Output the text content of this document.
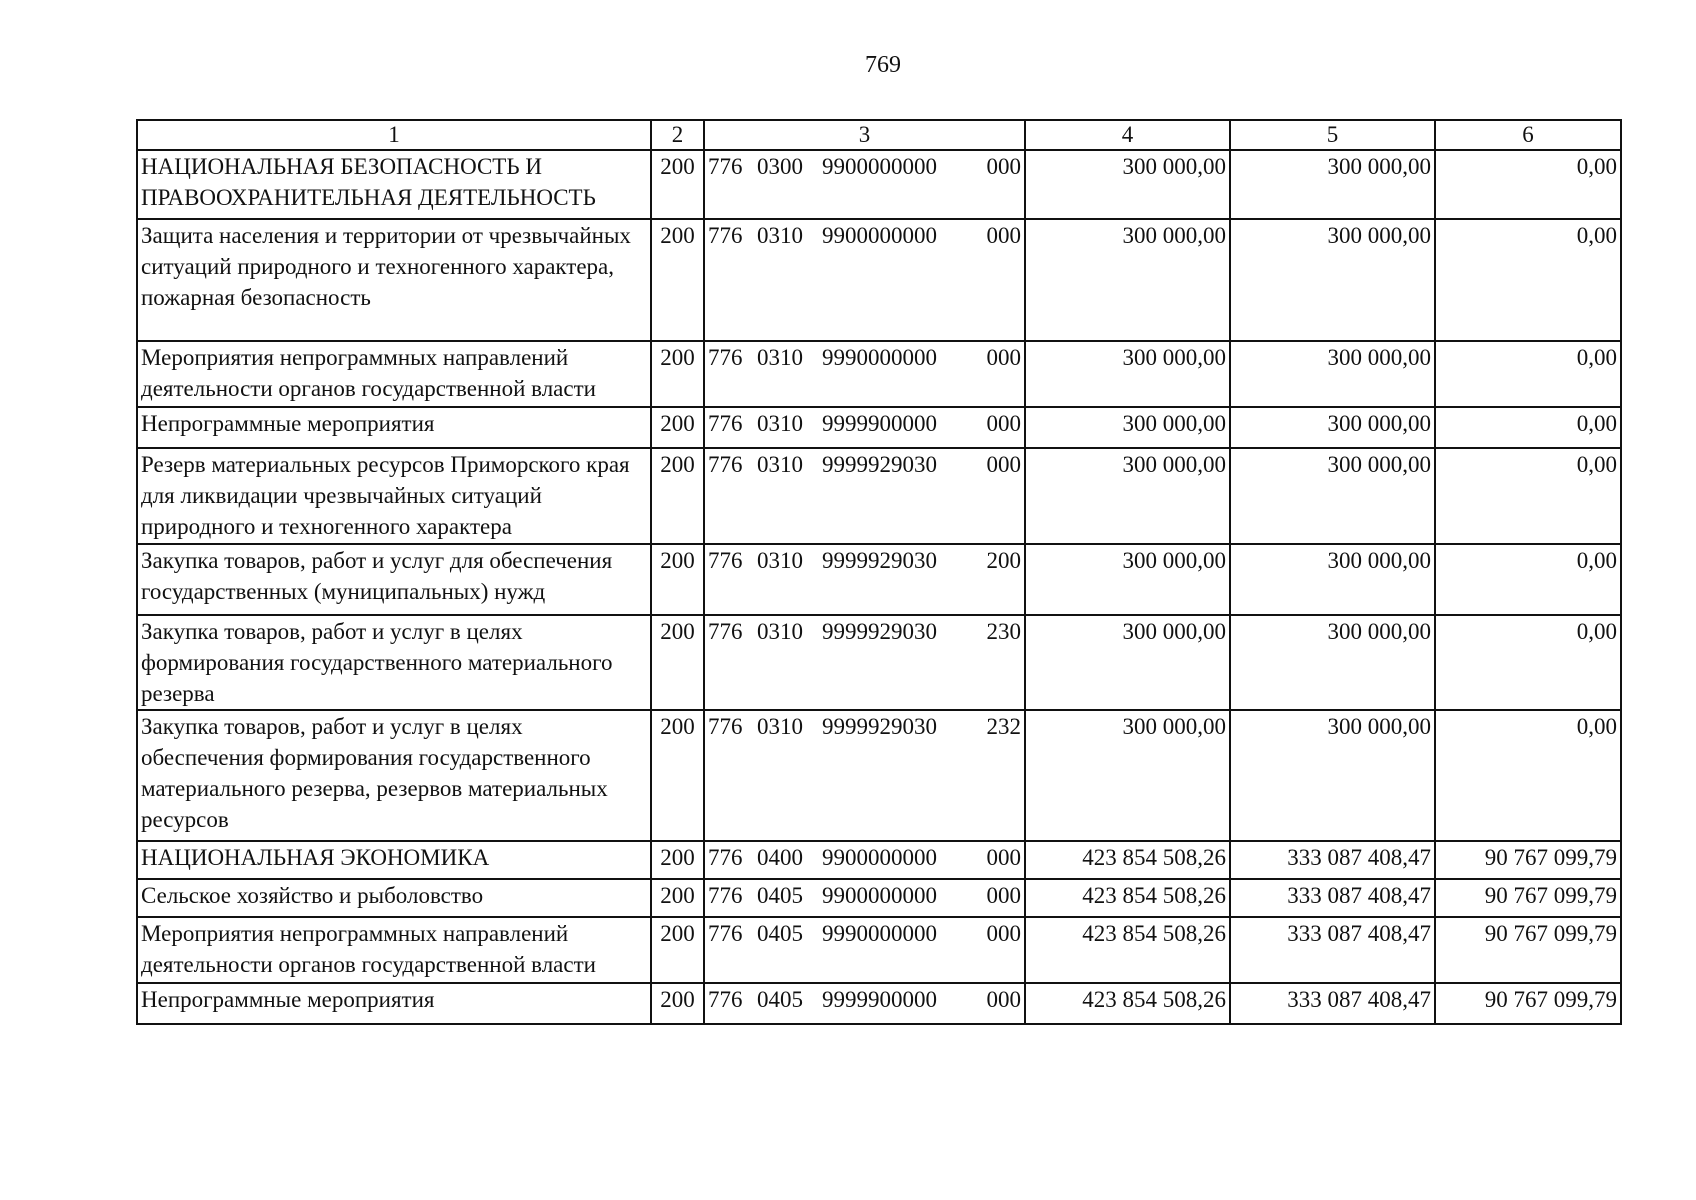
769
1	2	3	4	5	6
НАЦИОНАЛЬНАЯ БЕЗОПАСНОСТЬ И ПРАВООХРАНИТЕЛЬНАЯ ДЕЯТЕЛЬНОСТЬ	200	776 0300 9900000000 000	300 000,00	300 000,00	0,00
Защита населения и территории от чрезвычайных ситуаций природного и техногенного характера, пожарная безопасность	200	776 0310 9900000000 000	300 000,00	300 000,00	0,00
Мероприятия непрограммных направлений деятельности органов государственной власти	200	776 0310 9990000000 000	300 000,00	300 000,00	0,00
Непрограммные мероприятия	200	776 0310 9999900000 000	300 000,00	300 000,00	0,00
Резерв материальных ресурсов Приморского края для ликвидации чрезвычайных ситуаций природного и техногенного характера	200	776 0310 9999929030 000	300 000,00	300 000,00	0,00
Закупка товаров, работ и услуг для обеспечения государственных (муниципальных) нужд	200	776 0310 9999929030 200	300 000,00	300 000,00	0,00
Закупка товаров, работ и услуг в целях формирования государственного материального резерва	200	776 0310 9999929030 230	300 000,00	300 000,00	0,00
Закупка товаров, работ и услуг в целях обеспечения формирования государственного материального резерва, резервов материальных ресурсов	200	776 0310 9999929030 232	300 000,00	300 000,00	0,00
НАЦИОНАЛЬНАЯ ЭКОНОМИКА	200	776 0400 9900000000 000	423 854 508,26	333 087 408,47	90 767 099,79
Сельское хозяйство и рыболовство	200	776 0405 9900000000 000	423 854 508,26	333 087 408,47	90 767 099,79
Мероприятия непрограммных направлений деятельности органов государственной власти	200	776 0405 9990000000 000	423 854 508,26	333 087 408,47	90 767 099,79
Непрограммные мероприятия	200	776 0405 9999900000 000	423 854 508,26	333 087 408,47	90 767 099,79
